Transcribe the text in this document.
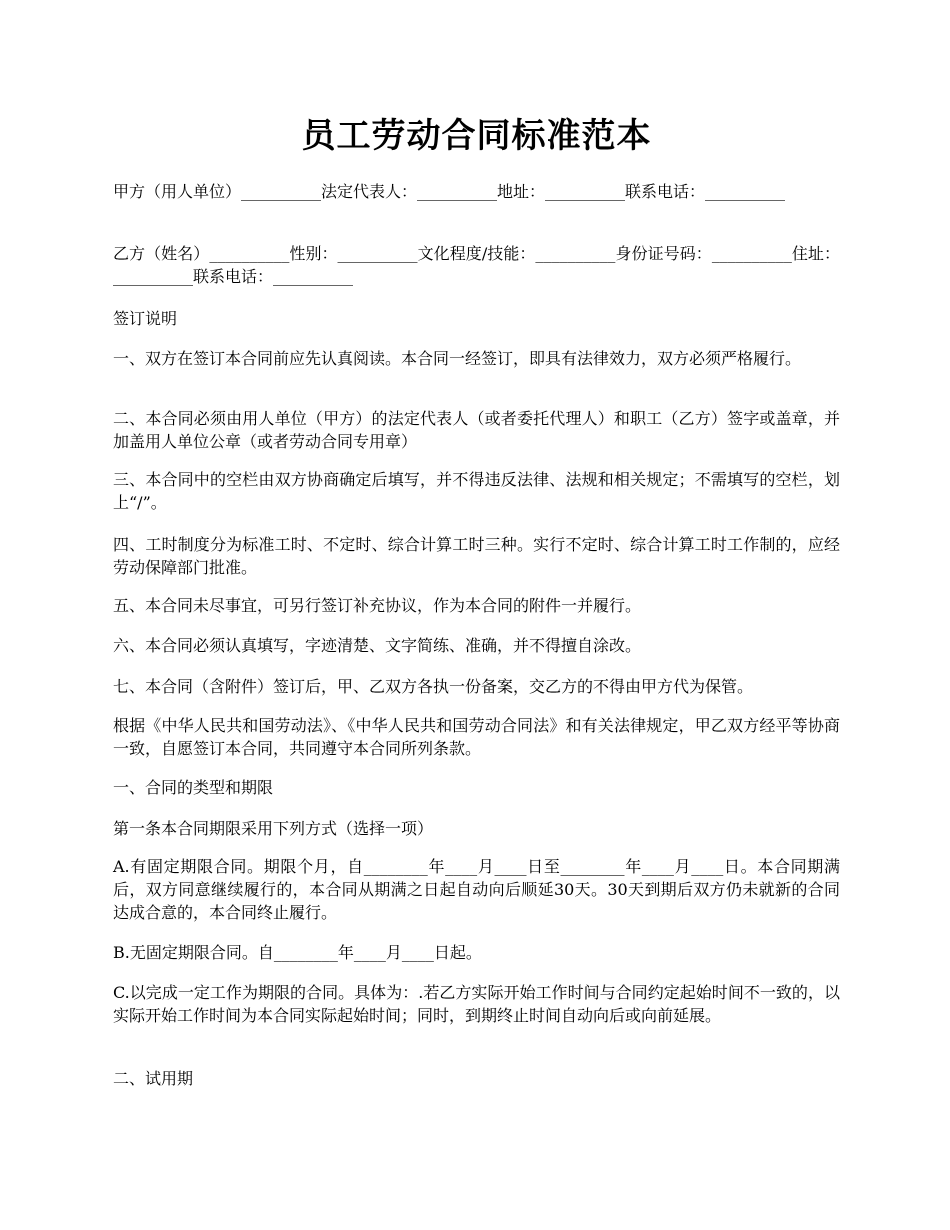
员工劳动合同标准范本

甲方（用人单位）__________法定代表人：__________地址：__________联系电话：__________

乙方（姓名）__________性别：__________文化程度/技能：__________身份证号码：__________住址：__________联系电话：__________

签订说明

一、双方在签订本合同前应先认真阅读。本合同一经签订，即具有法律效力，双方必须严格履行。

二、本合同必须由用人单位（甲方）的法定代表人（或者委托代理人）和职工（乙方）签字或盖章，并加盖用人单位公章（或者劳动合同专用章）

三、本合同中的空栏由双方协商确定后填写，并不得违反法律、法规和相关规定；不需填写的空栏，划上“/”。

四、工时制度分为标准工时、不定时、综合计算工时三种。实行不定时、综合计算工时工作制的，应经劳动保障部门批准。

五、本合同未尽事宜，可另行签订补充协议，作为本合同的附件一并履行。

六、本合同必须认真填写，字迹清楚、文字简练、准确，并不得擅自涂改。

七、本合同（含附件）签订后，甲、乙双方各执一份备案，交乙方的不得由甲方代为保管。

根据《中华人民共和国劳动法》、《中华人民共和国劳动合同法》和有关法律规定，甲乙双方经平等协商一致，自愿签订本合同，共同遵守本合同所列条款。

一、合同的类型和期限

第一条本合同期限采用下列方式（选择一项）

A.有固定期限合同。期限个月，自________年____月____日至________年____月____日。本合同期满后，双方同意继续履行的，本合同从期满之日起自动向后顺延30天。30天到期后双方仍未就新的合同达成合意的，本合同终止履行。

B.无固定期限合同。自________年____月____日起。

C.以完成一定工作为期限的合同。具体为：.若乙方实际开始工作时间与合同约定起始时间不一致的，以实际开始工作时间为本合同实际起始时间；同时，到期终止时间自动向后或向前延展。

二、试用期
